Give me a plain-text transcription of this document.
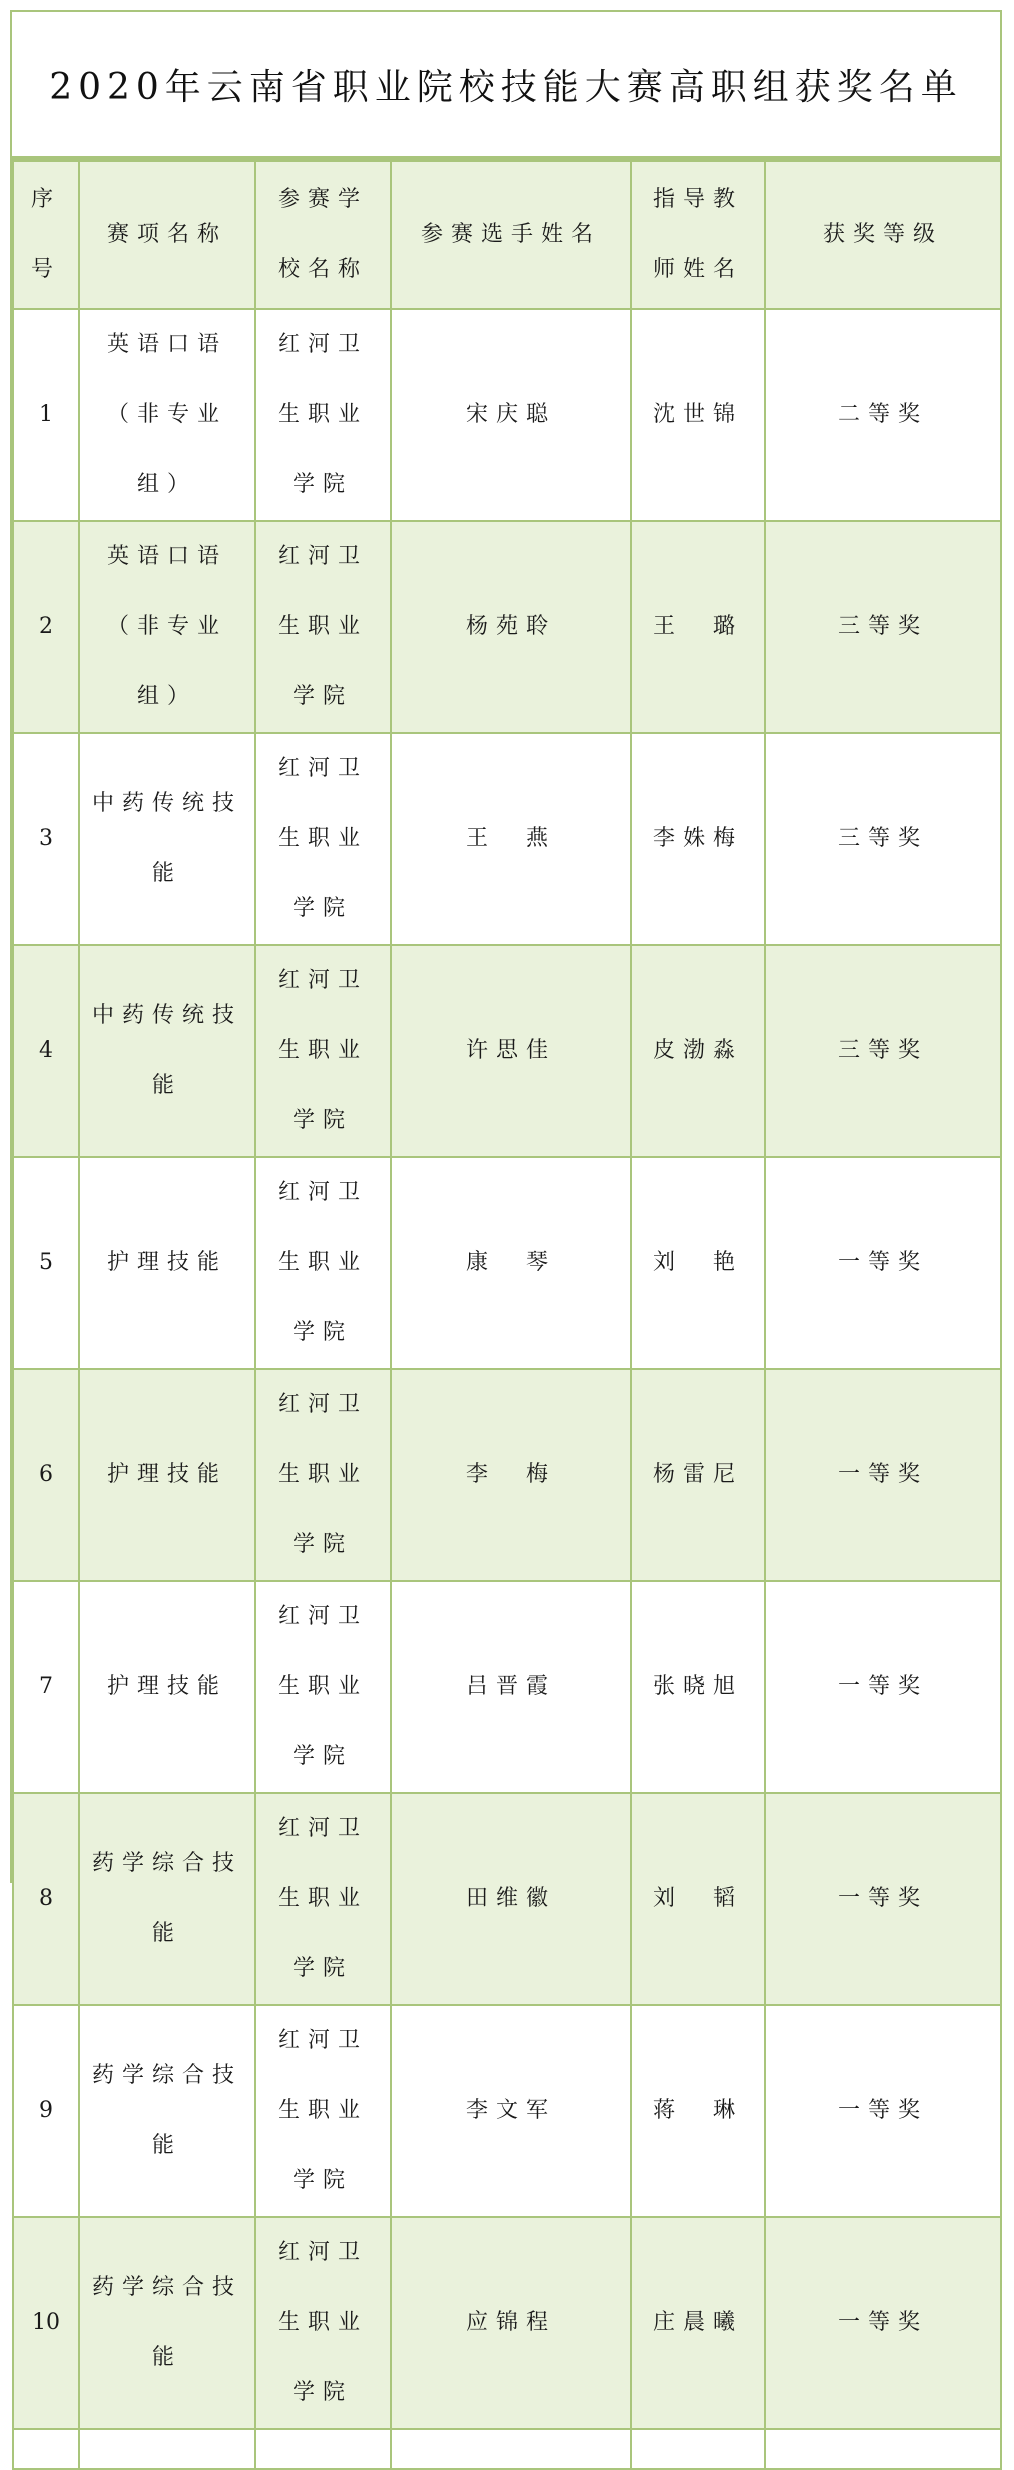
2020年云南省职业院校技能大赛高职组获奖名单
序号	赛项名称	参赛学校名称	参赛选手姓名	指导教师姓名	获奖等级
1	英语口语（非专业组）	红河卫生职业学院	宋庆聪	沈世锦	二等奖
2	英语口语（非专业组）	红河卫生职业学院	杨苑聆	王　璐	三等奖
3	中药传统技能	红河卫生职业学院	王　燕	李姝梅	三等奖
4	中药传统技能	红河卫生职业学院	许思佳	皮渤淼	三等奖
5	护理技能	红河卫生职业学院	康　琴	刘　艳	一等奖
6	护理技能	红河卫生职业学院	李　梅	杨雷尼	一等奖
7	护理技能	红河卫生职业学院	吕晋霞	张晓旭	一等奖
8	药学综合技能	红河卫生职业学院	田维徽	刘　韬	一等奖
9	药学综合技能	红河卫生职业学院	李文军	蒋　琳	一等奖
10	药学综合技能	红河卫生职业学院	应锦程	庄晨曦	一等奖
